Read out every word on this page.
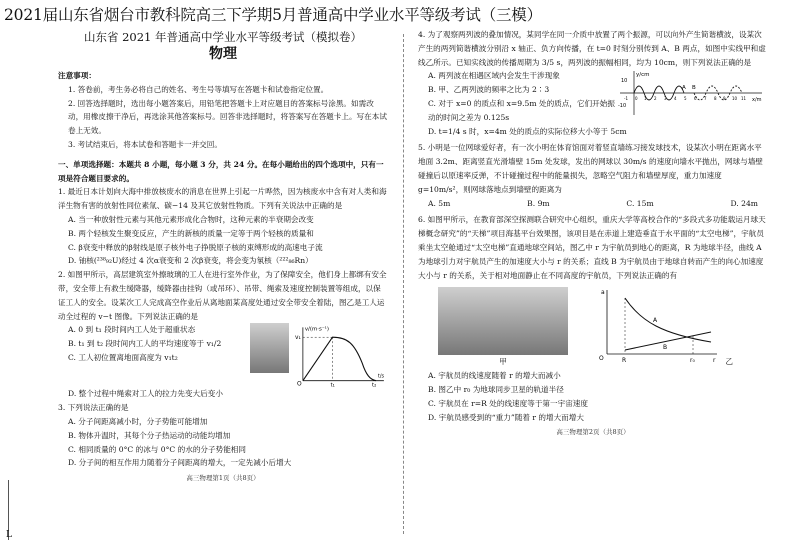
2021届山东省烟台市教科院高三下学期5月普通高中学业水平等级考试（三模）
L
山东省 2021 年普通高中学业水平等级考试（模拟卷）
物理

注意事项：

1. 答卷前，考生务必将自己的姓名、考生号等填写在答题卡和试卷指定位置。

2. 回答选择题时，选出每小题答案后，用铅笔把答题卡上对应题目的答案标号涂黑。如需改动，用橡皮擦干净后，再选涂其他答案标号。回答非选择题时，将答案写在答题卡上。写在本试卷上无效。

3. 考试结束后，将本试卷和答题卡一并交回。

一、单项选择题：本题共 8 小题，每小题 3 分，共 24 分。在每小题给出的四个选项中，只有一项是符合题目要求的。

1. 最近日本计划向大海中排放核废水的消息在世界上引起一片哗然，因为核废水中含有对人类和海洋生物有害的放射性同位素氚、碳−14 及其它放射性物质。下列有关说法中正确的是

A. 当一种放射性元素与其他元素形成化合物时，这种元素的半衰期会改变

B. 两个轻核发生聚变反应，产生的新核的质量一定等于两个轻核的质量和

C. β衰变中释放的β射线是原子核外电子挣脱原子核的束缚形成的高速电子流

D. 铀核(²³⁸₉₂U)经过 4 次α衰变和 2 次β衰变，将会变为氡核（²²²₈₆Rn）

2. 如图甲所示，高层建筑室外擦玻璃的工人在进行室外作业，为了保障安全，他们身上都绑有安全带，安全带上有救生缓降器，缓降器由挂钩（或吊环）、吊带、绳索及速度控制装置等组成，以保证工人的安全。设某次工人完成高空作业后从离地面某高度处通过安全带安全着陆，图乙是工人运动全过程的 v−t 图像。下列说法正确的是

A. 0 到 t₁ 段时间内工人处于超重状态

B. t₁ 到 t₂ 段时间内工人的平均速度等于 v₁/2

C. 工人初位置离地面高度为 v₁t₂

v/(m·s⁻¹)
v₁
O	t₁	t₂
t/s

D. 整个过程中绳索对工人的拉力先变大后变小

3. 下列说法正确的是

A. 分子间距离减小时，分子势能可能增加

B. 物体升温时，其每个分子热运动的动能均增加

C. 相同质量的 0°C 的冰与 0°C 的水的分子势能相同

D. 分子间的相互作用力随着分子间距离的增大，一定先减小后增大

高三物理第1页（共8页）

4. 为了观察两列波的叠加情况，某同学在同一介质中放置了两个振源，可以向外产生简谐横波，设某次产生的两列简谐横波分别沿 x 轴正、负方向传播，在 t=0 时刻分别传到 A、B 两点，如图中实线甲和虚线乙所示。已知实线波的传播周期为 3/5 s，两列波的振幅相同，均为 10cm，则下列说法正确的是

A. 两列波在相遇区域内会发生干涉现象

B. 甲、乙两列波的频率之比为 2∶3

C. 对于 x=0 的质点和 x=9.5m 处的质点，它们开始振动的时间之差为 0.125s

y/cm
10
-10
A B
x/m
-1 0 1 2 3 4 5 6 7 8 9 10 11

D. t=1/4 s 时，x=4m 处的质点的实际位移大小等于 5cm

5. 小明是一位网球爱好者，有一次小明在体育馆面对着竖直墙练习接发球技术，设某次小明在距离水平地面 3.2m、距离竖直光滑墙壁 15m 处发球，发出的网球以 30m/s 的速度向墙水平抛出，网球与墙壁碰撞后以原速率反弹，不计碰撞过程中的能量损失，忽略空气阻力和墙壁厚度，重力加速度 g=10m/s²，则网球落地点到墙壁的距离为

A. 5m	B. 9m	C. 15m	D. 24m

6. 如图甲所示，在教育部深空探测联合研究中心组织，重庆大学等高校合作的“多段式多功能载运月球天梯概念研究”的“天梯”项目海基平台效果图，该项目是在赤道上建造垂直于水平面的“太空电梯”，宇航员乘坐太空舱通过“太空电梯”直通地球空间站，图乙中 r 为宇航员到地心的距离，R 为地球半径，曲线 A 为地球引力对宇航员产生的加速度大小与 r 的关系；直线 B 为宇航员由于地球自转而产生的向心加速度大小与 r 的关系，关于相对地面静止在不同高度的宇航员，下列说法正确的有

甲
a
A
B
O	R	r₀	r 乙

A. 宇航员的线速度随着 r 的增大而减小

B. 图乙中 r₀ 为地球同步卫星的轨道半径

C. 宇航员在 r=R 处的线速度等于第一宇宙速度

D. 宇航员感受到的“重力”随着 r 的增大而增大

高三物理第2页（共8页）
